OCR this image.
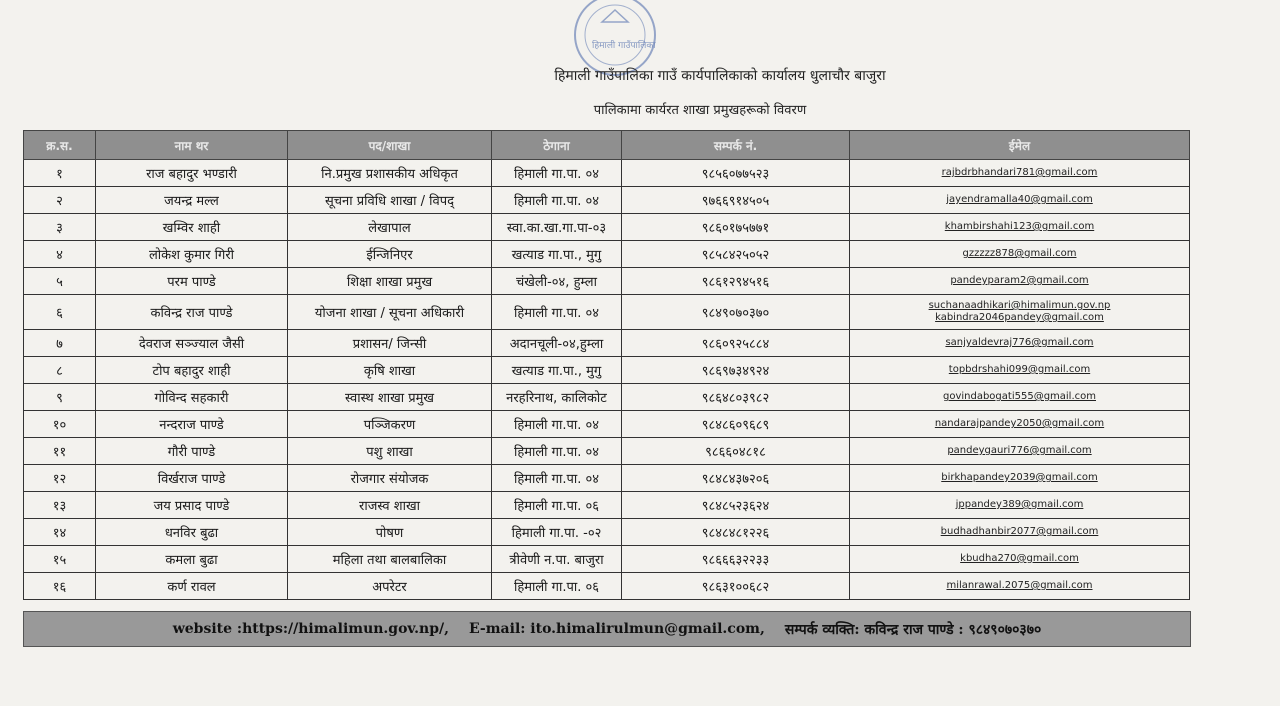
हिमाली गाउँपालिका
हिमाली गाउँपालिका गाउँ कार्यपालिकाको कार्यालय धुलाचौर बाजुरा
पालिकामा कार्यरत शाखा प्रमुखहरूको विवरण
क्र.स.	नाम थर	पद/शाखा	ठेगाना	सम्पर्क नं.	ईमेल
१	राज बहादुर भण्डारी	नि.प्रमुख प्रशासकीय अधिकृत	हिमाली गा.पा. ०४	९८५६०७७५२३	rajbdrbhandari781@gmail.com

२	जयन्द्र मल्ल	सूचना प्रविधि शाखा / विपद्	हिमाली गा.पा. ०४	९७६६९१४५०५	jayendramalla40@gmail.com

३	खम्विर शाही	लेखापाल	स्वा.का.खा.गा.पा-०३	९८६०१७५७७१	khambirshahi123@gmail.com

४	लोकेश कुमार गिरी	ईन्जिनिएर	खत्याड गा.पा., मुगु	९८५८४२५०५२	gzzzzz878@gmail.com

५	परम पाण्डे	शिक्षा शाखा प्रमुख	चंखेली-०४, हुम्ला	९८६१२९४५१६	pandeyparam2@gmail.com

६	कविन्द्र राज पाण्डे	योजना शाखा / सूचना अधिकारी	हिमाली गा.पा. ०४	९८४९०७०३७०	suchanaadhikari@himalimun.gov.np
kabindra2046pandey@gmail.com

७	देवराज सञ्ज्याल जैसी	प्रशासन/ जिन्सी	अदानचूली-०४,हुम्ला	९८६०९२५८८४	sanjyaldevraj776@gmail.com

८	टोप बहादुर शाही	कृषि शाखा	खत्याड गा.पा., मुगु	९८६९७३४९२४	topbdrshahi099@gmail.com

९	गोविन्द सहकारी	स्वास्थ शाखा प्रमुख	नरहरिनाथ, कालिकोट	९८६४८०३९८२	govindabogati555@gmail.com

१०	नन्दराज पाण्डे	पञ्जिकरण	हिमाली गा.पा. ०४	९८४८६०९६८९	nandarajpandey2050@gmail.com

११	गौरी पाण्डे	पशु शाखा	हिमाली गा.पा. ०४	९८६६०४८१८	pandeygauri776@gmail.com

१२	विर्खराज पाण्डे	रोजगार संयोजक	हिमाली गा.पा. ०४	९८४८४३७२०६	birkhapandey2039@gmail.com

१३	जय प्रसाद पाण्डे	राजस्व शाखा	हिमाली गा.पा. ०६	९८४८५२३६२४	jppandey389@gmail.com

१४	धनविर बुढा	पोषण	हिमाली गा.पा. -०२	९८४८४८१२२६	budhadhanbir2077@gmail.com

१५	कमला बुढा	महिला तथा बालबालिका	त्रीवेणी न.पा. बाजुरा	९८६६६३२२३३	kbudha270@gmail.com

१६	कर्ण रावल	अपरेटर	हिमाली गा.पा. ०६	९८६३१००६८२	milanrawal.2075@gmail.com
website :https://himalimun.gov.np/, E-mail: ito.himalirulmun@gmail.com, सम्पर्क व्यक्ति: कविन्द्र राज पाण्डे : ९८४९०७०३७०
